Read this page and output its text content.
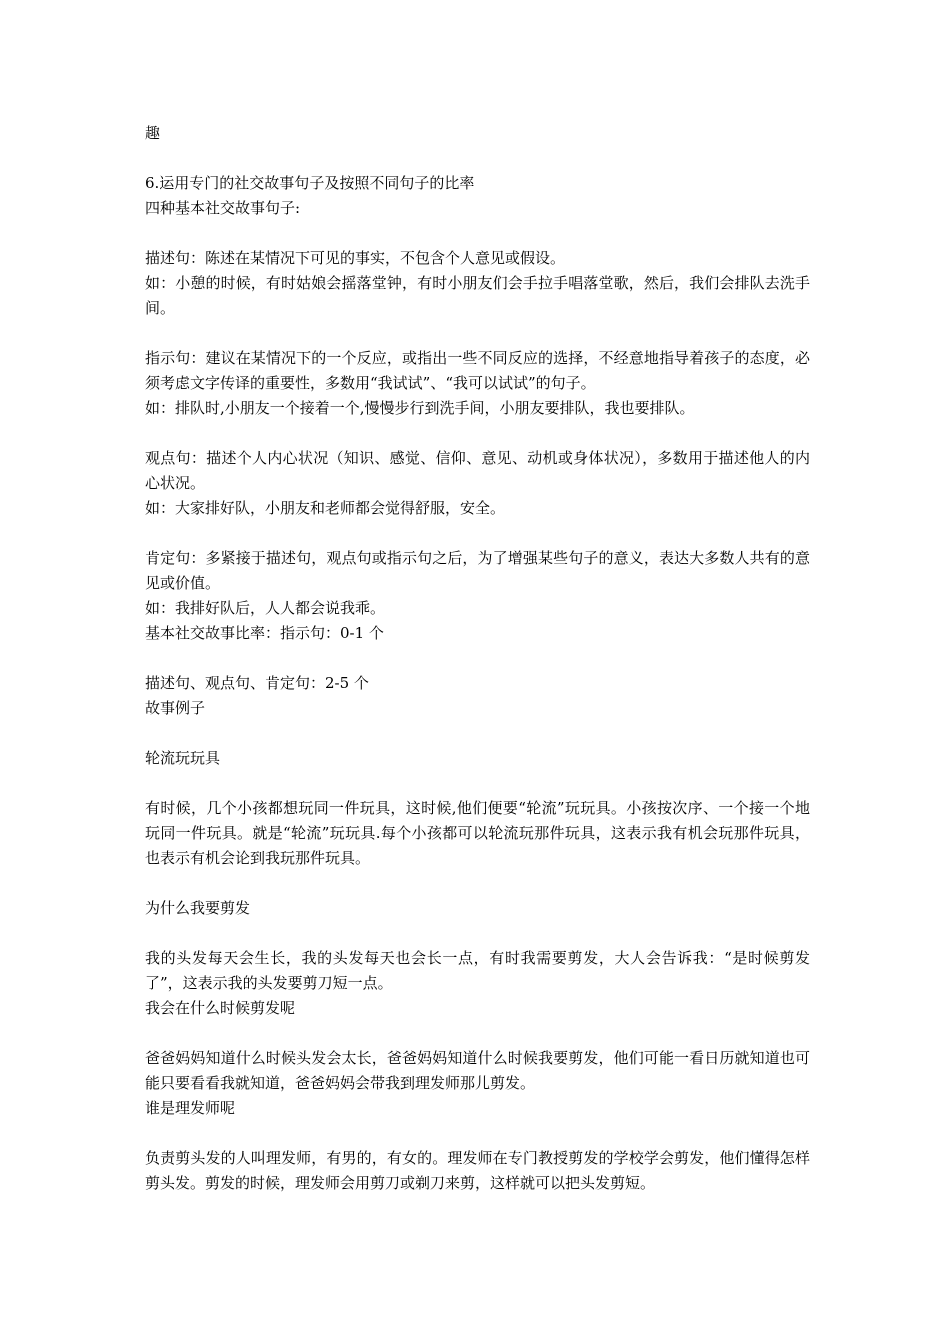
趣
6.运用专门的社交故事句子及按照不同句子的比率
四种基本社交故事句子:
描述句：陈述在某情况下可见的事实，不包含个人意见或假设。
如：小憩的时候，有时姑娘会摇落堂钟，有时小朋友们会手拉手唱落堂歌，然后，我们会排队去洗手间。
指示句：建议在某情况下的一个反应，或指出一些不同反应的选择，不经意地指导着孩子的态度，必须考虑文字传译的重要性，多数用“我试试”、“我可以试试”的句子。
如：排队时,小朋友一个接着一个,慢慢步行到洗手间，小朋友要排队，我也要排队。
观点句：描述个人内心状况（知识、感觉、信仰、意见、动机或身体状况），多数用于描述他人的内心状况。
如：大家排好队，小朋友和老师都会觉得舒服，安全。
肯定句：多紧接于描述句，观点句或指示句之后，为了增强某些句子的意义，表达大多数人共有的意见或价值。
如：我排好队后，人人都会说我乖。
基本社交故事比率：指示句：0-1 个
描述句、观点句、肯定句：2-5 个
故事例子
轮流玩玩具
有时候，几个小孩都想玩同一件玩具，这时候,他们便要“轮流”玩玩具。小孩按次序、一个接一个地玩同一件玩具。就是“轮流”玩玩具.每个小孩都可以轮流玩那件玩具，这表示我有机会玩那件玩具，也表示有机会论到我玩那件玩具。
为什么我要剪发
我的头发每天会生长，我的头发每天也会长一点，有时我需要剪发，大人会告诉我：“是时候剪发了”，这表示我的头发要剪刀短一点。
我会在什么时候剪发呢
爸爸妈妈知道什么时候头发会太长，爸爸妈妈知道什么时候我要剪发，他们可能一看日历就知道也可能只要看看我就知道，爸爸妈妈会带我到理发师那儿剪发。
谁是理发师呢
负责剪头发的人叫理发师，有男的，有女的。理发师在专门教授剪发的学校学会剪发，他们懂得怎样剪头发。剪发的时候，理发师会用剪刀或剃刀来剪，这样就可以把头发剪短。
